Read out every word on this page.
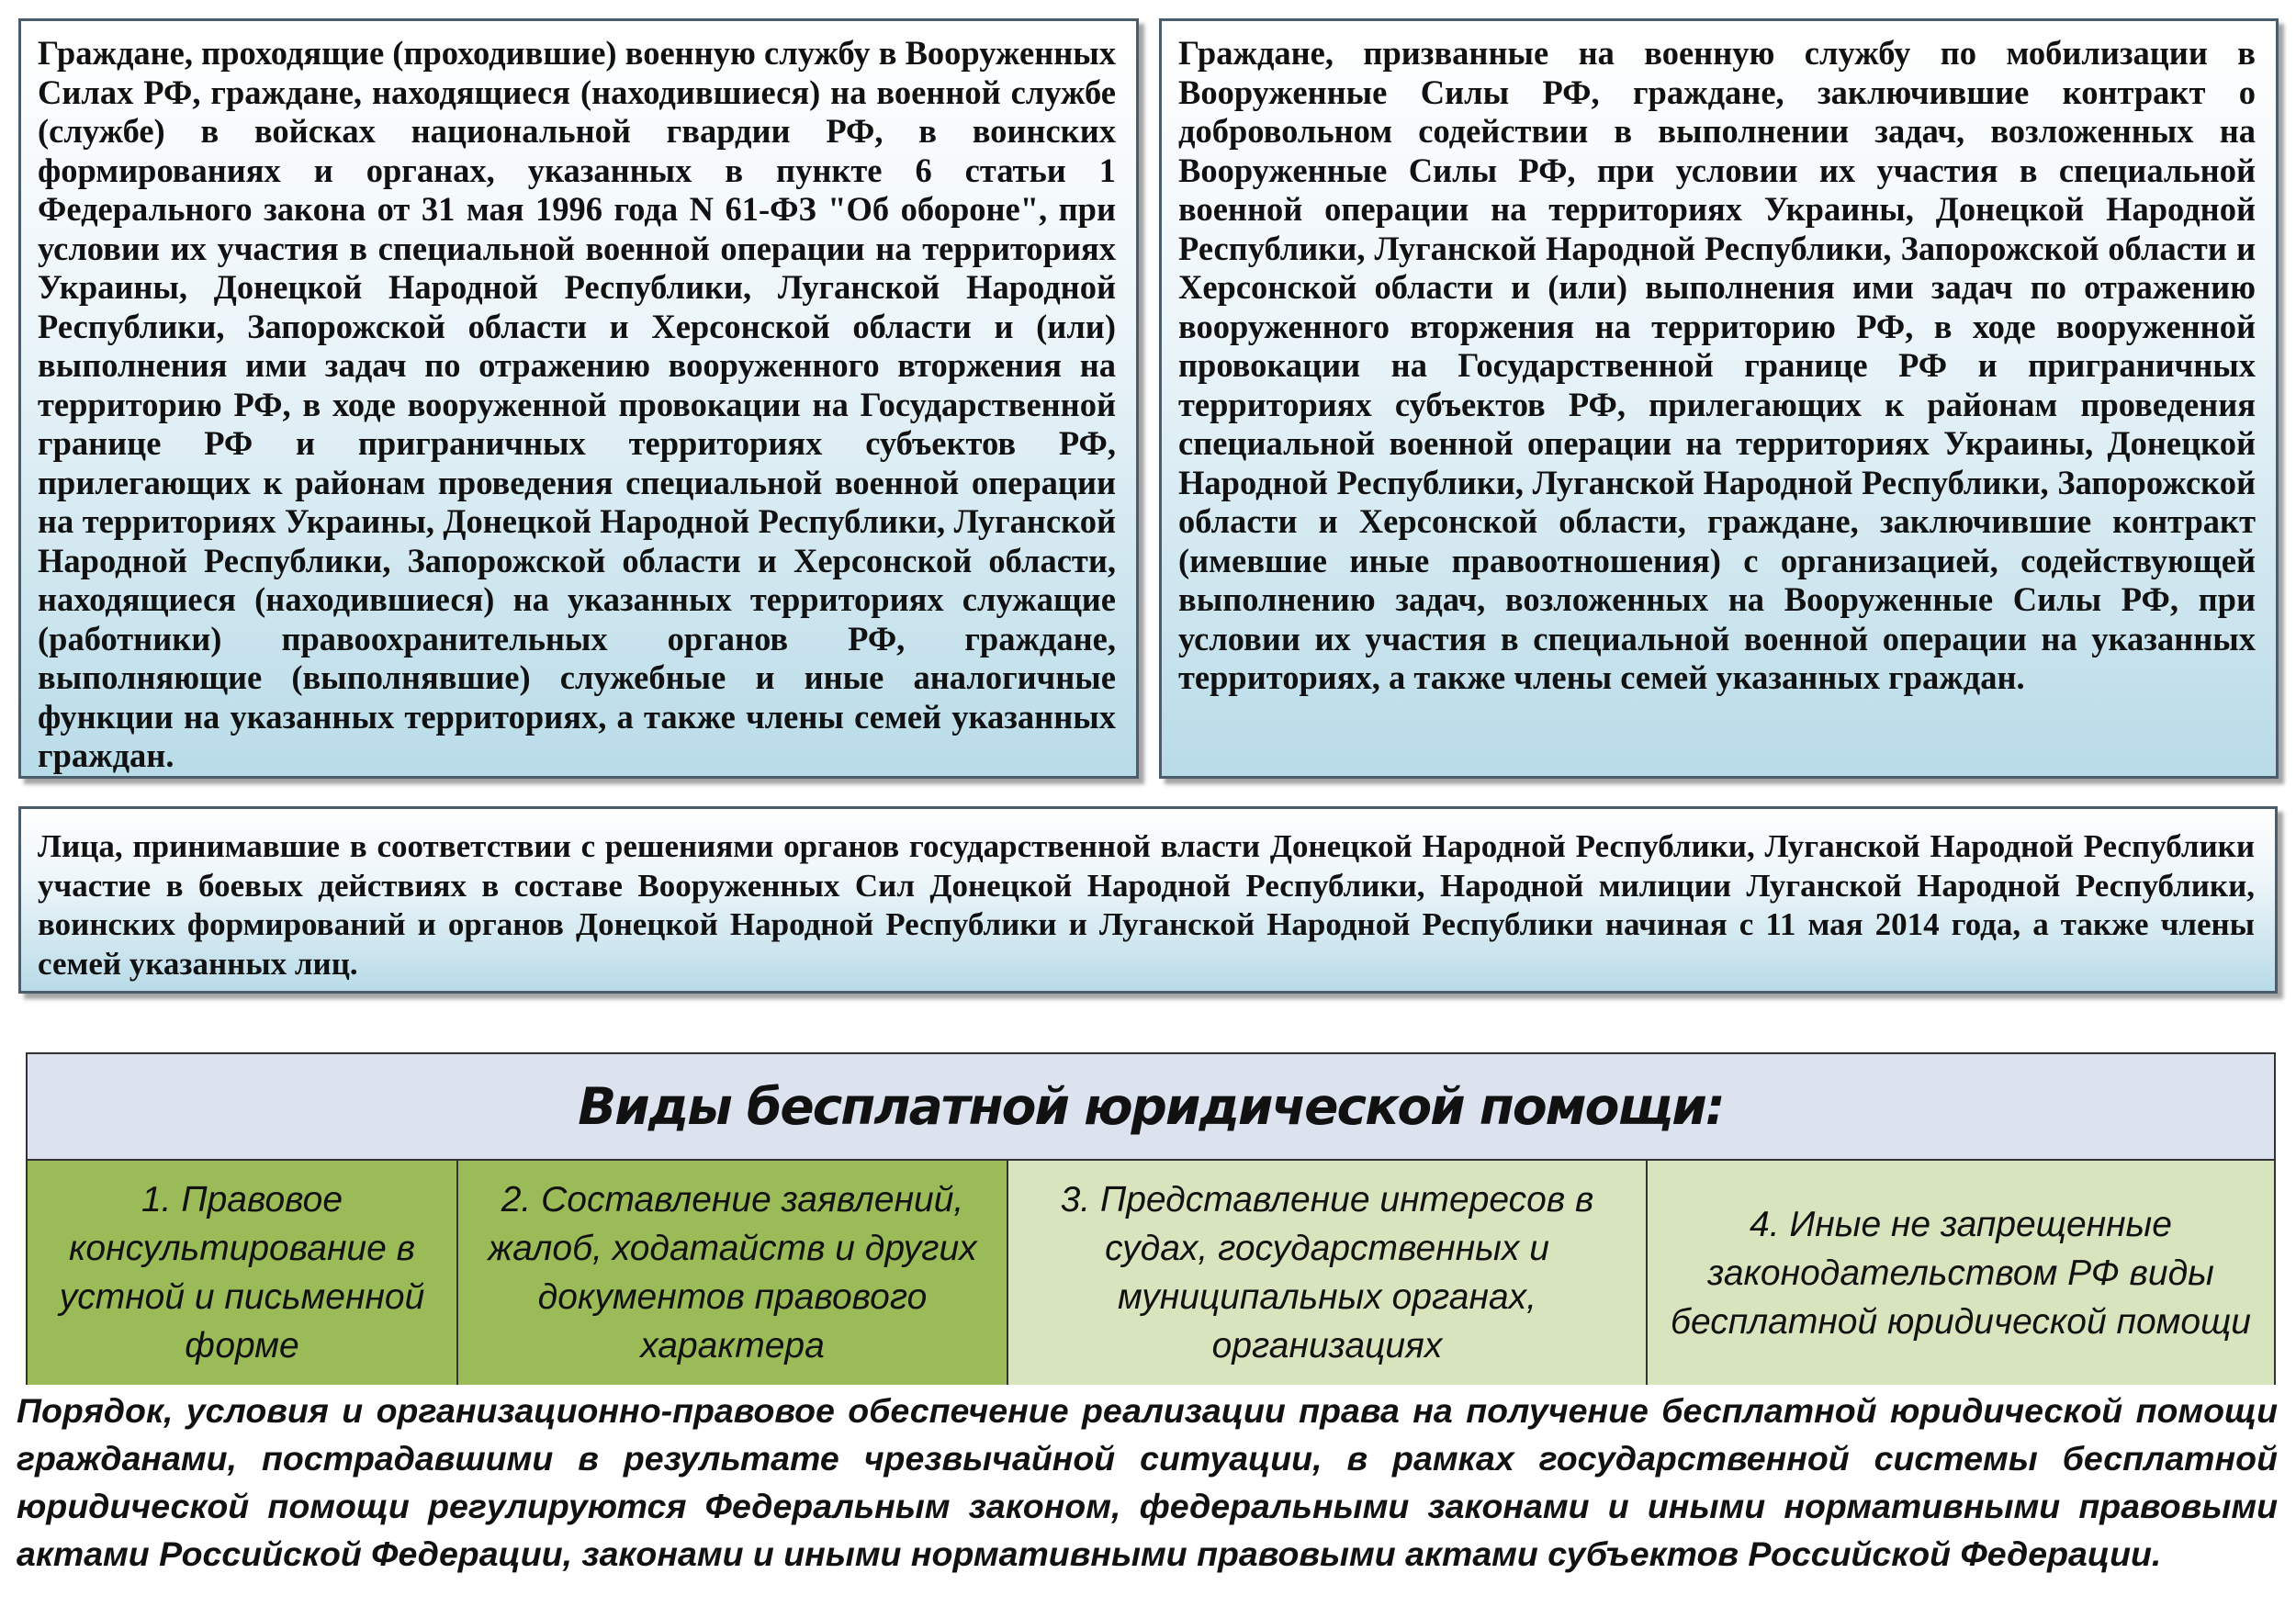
Граждане, проходящие (проходившие) военную службу в Вооруженных Силах РФ, граждане, находящиеся (находившиеся) на военной службе (службе) в войсках национальной гвардии РФ, в воинских формированиях и органах, указанных в пункте 6 статьи 1 Федерального закона от 31 мая 1996 года N 61-ФЗ "Об обороне", при условии их участия в специальной военной операции на территориях Украины, Донецкой Народной Республики, Луганской Народной Республики, Запорожской области и Херсонской области и (или) выполнения ими задач по отражению вооруженного вторжения на территорию РФ, в ходе вооруженной провокации на Государственной границе РФ и приграничных территориях субъектов РФ, прилегающих к районам проведения специальной военной операции на территориях Украины, Донецкой Народной Республики, Луганской Народной Республики, Запорожской области и Херсонской области, находящиеся (находившиеся) на указанных территориях служащие (работники) правоохранительных органов РФ, граждане, выполняющие (выполнявшие) служебные и иные аналогичные функции на указанных территориях, а также члены семей указанных граждан.

Граждане, призванные на военную службу по мобилизации в Вооруженные Силы РФ, граждане, заключившие контракт о добровольном содействии в выполнении задач, возложенных на Вооруженные Силы РФ, при условии их участия в специальной военной операции на территориях Украины, Донецкой Народной Республики, Луганской Народной Республики, Запорожской области и Херсонской области и (или) выполнения ими задач по отражению вооруженного вторжения на территорию РФ, в ходе вооруженной провокации на Государственной границе РФ и приграничных территориях субъектов РФ, прилегающих к районам проведения специальной военной операции на территориях Украины, Донецкой Народной Республики, Луганской Народной Республики, Запорожской области и Херсонской области, граждане, заключившие контракт (имевшие иные правоотношения) с организацией, содействующей выполнению задач, возложенных на Вооруженные Силы РФ, при условии их участия в специальной военной операции на указанных территориях, а также члены семей указанных граждан.

Лица, принимавшие в соответствии с решениями органов государственной власти Донецкой Народной Республики, Луганской Народной Республики участие в боевых действиях в составе Вооруженных Сил Донецкой Народной Республики, Народной милиции Луганской Народной Республики, воинских формирований и органов Донецкой Народной Республики и Луганской Народной Республики начиная с 11 мая 2014 года, а также члены семей указанных лиц.

Виды бесплатной юридической помощи:
1. Правовое консультирование в устной и письменной форме
2. Составление заявлений, жалоб, ходатайств и других документов правового характера
3. Представление интересов в судах, государственных и муниципальных органах, организациях
4. Иные не запрещенные законодательством РФ виды бесплатной юридической помощи

Порядок, условия и организационно-правовое обеспечение реализации права на получение бесплатной юридической помощи гражданами, пострадавшими в результате чрезвычайной ситуации, в рамках государственной системы бесплатной юридической помощи регулируются Федеральным законом, федеральными законами и иными нормативными правовыми актами Российской Федерации, законами и иными нормативными правовыми актами субъектов Российской Федерации.
